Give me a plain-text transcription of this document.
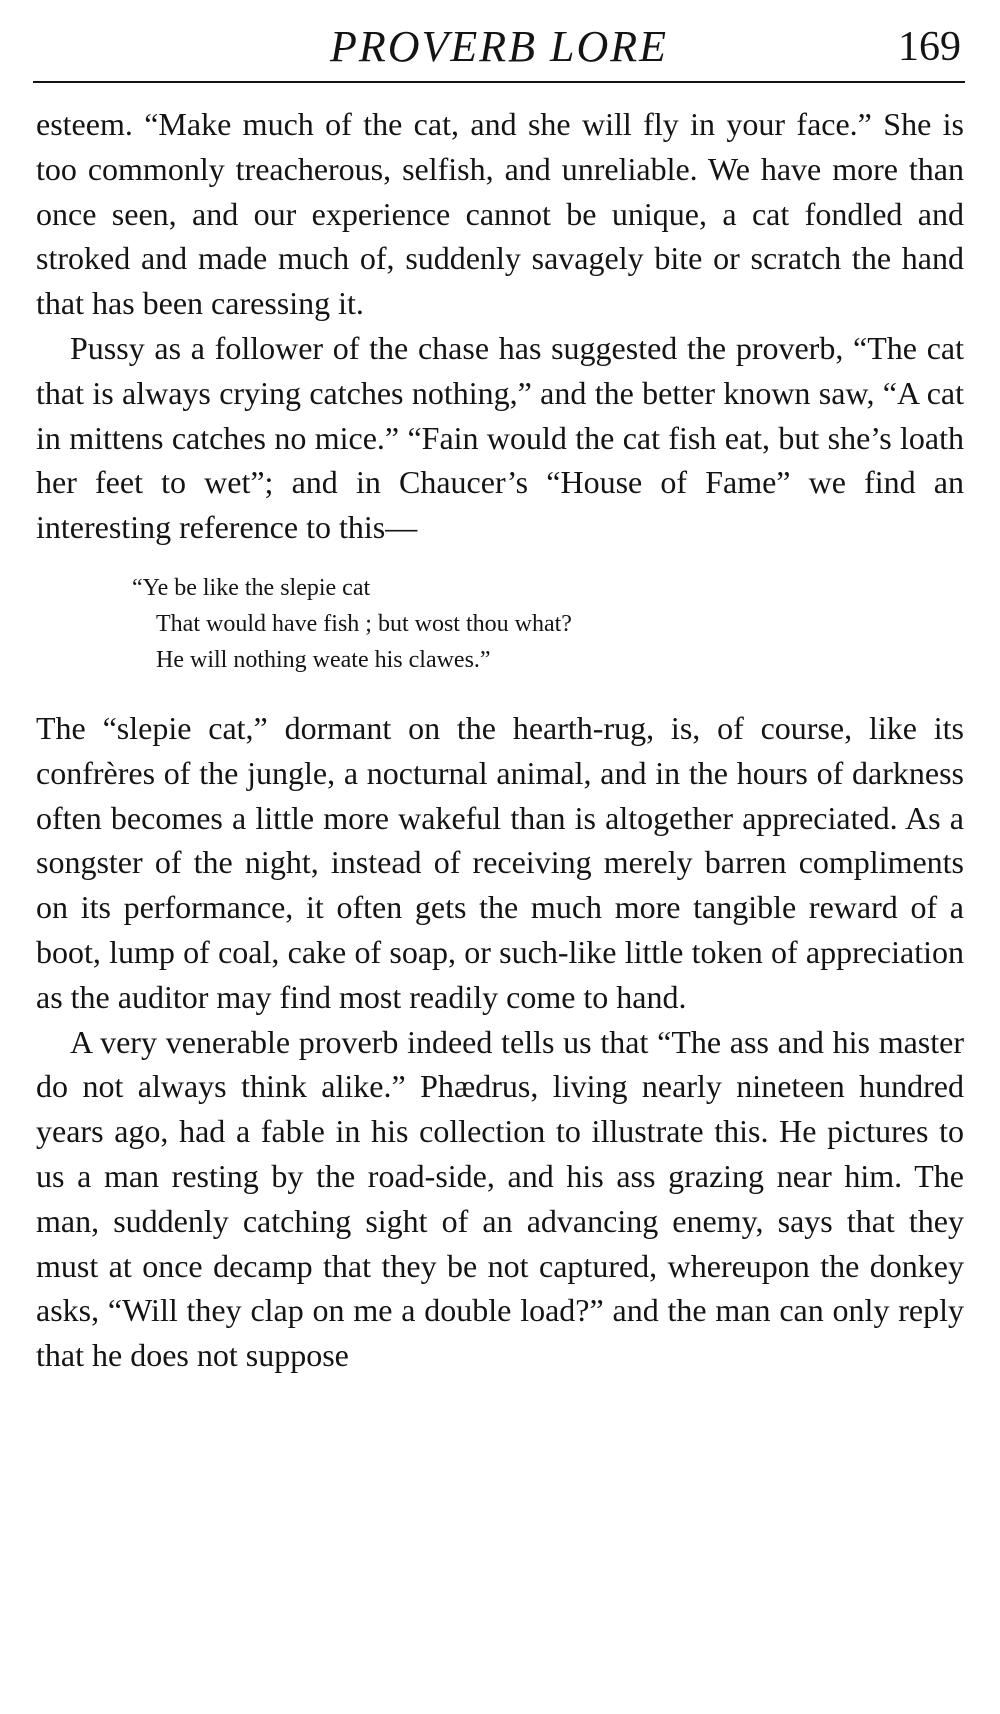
PROVERB LORE	169

esteem. “Make much of the cat, and she will fly in your face.” She is too commonly treacherous, selfish, and unreliable. We have more than once seen, and our experience cannot be unique, a cat fondled and stroked and made much of, suddenly savagely bite or scratch the hand that has been caressing it.

Pussy as a follower of the chase has suggested the proverb, “The cat that is always crying catches nothing,” and the better known saw, “A cat in mittens catches no mice.” “Fain would the cat fish eat, but she’s loath her feet to wet”; and in Chaucer’s “House of Fame” we find an interesting reference to this—

“Ye be like the slepie cat
That would have fish ; but wost thou what?
He will nothing weate his clawes.”

The “slepie cat,” dormant on the hearth-rug, is, of course, like its confrères of the jungle, a nocturnal animal, and in the hours of darkness often becomes a little more wakeful than is altogether appreciated. As a songster of the night, instead of receiving merely barren compliments on its performance, it often gets the much more tangible reward of a boot, lump of coal, cake of soap, or such-like little token of appreciation as the auditor may find most readily come to hand.

A very venerable proverb indeed tells us that “The ass and his master do not always think alike.” Phædrus, living nearly nineteen hundred years ago, had a fable in his collection to illustrate this. He pictures to us a man resting by the road-side, and his ass grazing near him. The man, suddenly catching sight of an advancing enemy, says that they must at once decamp that they be not captured, whereupon the donkey asks, “Will they clap on me a double load?” and the man can only reply that he does not suppose
